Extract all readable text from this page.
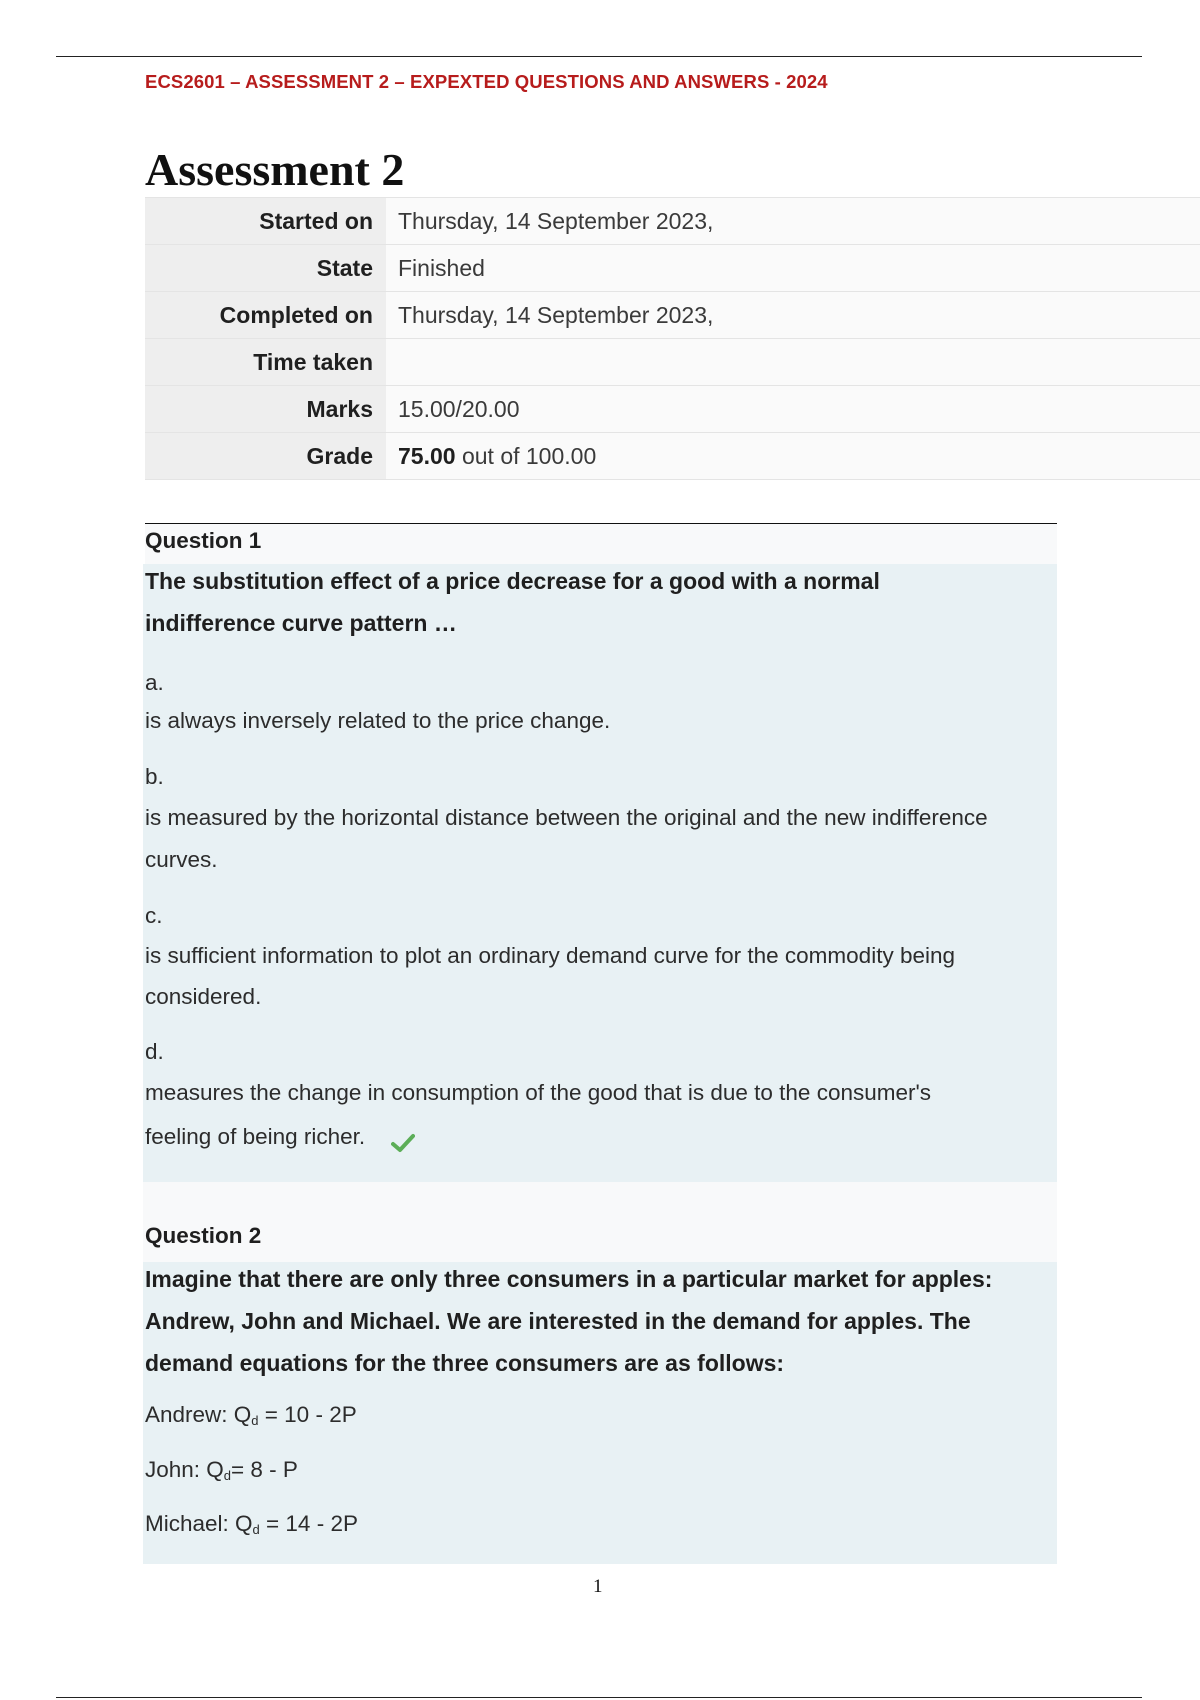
ECS2601 – ASSESSMENT 2 – EXPEXTED QUESTIONS AND ANSWERS - 2024
Assessment 2
Started on	Thursday, 14 September 2023,
State	Finished
Completed on	Thursday, 14 September 2023,
Time taken	
Marks	15.00/20.00
Grade	75.00 out of 100.00
Question 1
The substitution effect of a price decrease for a good with a normal
indifference curve pattern …
a.
is always inversely related to the price change.
b.
is measured by the horizontal distance between the original and the new indifference
curves.
c.
is sufficient information to plot an ordinary demand curve for the commodity being
considered.
d.
measures the change in consumption of the good that is due to the consumer's
feeling of being richer.
Question 2
Imagine that there are only three consumers in a particular market for apples:
Andrew, John and Michael. We are interested in the demand for apples. The
demand equations for the three consumers are as follows:
Andrew: $Q_d = 10 - 2P$
John: $Q_d= 8 - P$
Michael: $Q_d = 14 - 2P$
1
